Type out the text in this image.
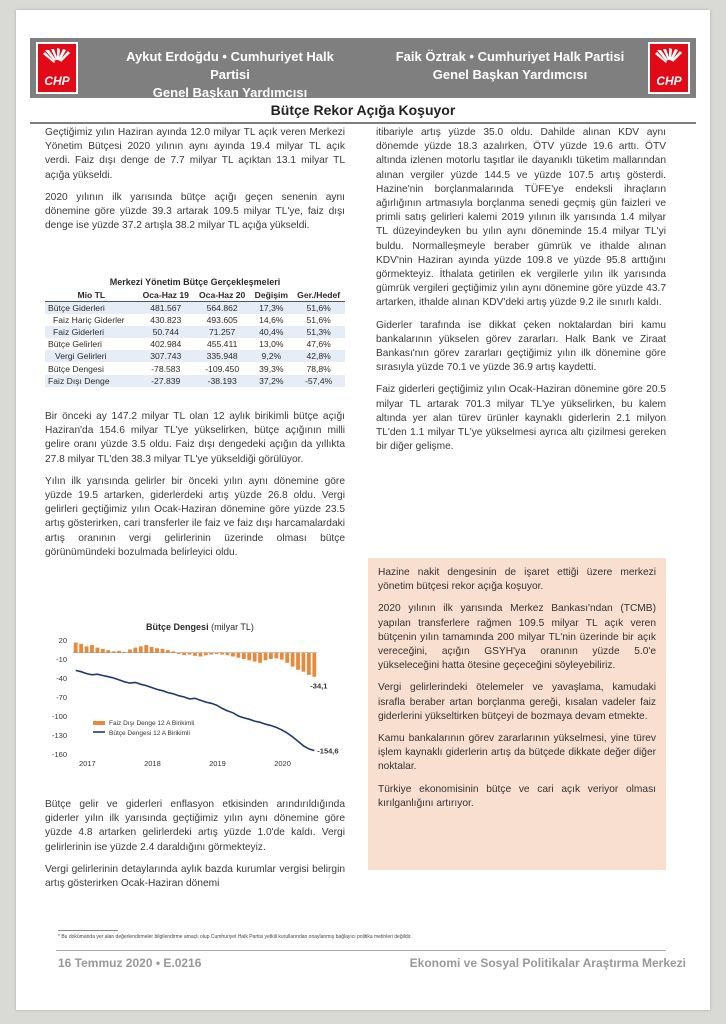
CHP
Aykut Erdoğdu • Cumhuriyet Halk Partisi
Genel Başkan Yardımcısı
Faik Öztrak • Cumhuriyet Halk Partisi
Genel Başkan Yardımcısı	CHP
Bütçe Rekor Açığa Koşuyor

Geçtiğimiz yılın Haziran ayında 12.0 milyar TL açık veren Merkezi Yönetim Bütçesi 2020 yılının aynı ayında 19.4 milyar TL açık verdi. Faiz dışı denge de 7.7 milyar TL açıktan 13.1 milyar TL açığa yükseldi.

2020 yılının ilk yarısında bütçe açığı geçen senenin aynı dönemine göre yüzde 39.3 artarak 109.5 milyar TL'ye, faiz dışı denge ise yüzde 37.2 artışla 38.2 milyar TL açığa yükseldi.

Merkezi Yönetim Bütçe Gerçekleşmeleri
Mio TL	Oca-Haz 19	Oca-Haz 20	Değişim	Ger./Hedef
Bütçe Giderleri	481.567	564.862	17,3%	51,6%
Faiz Hariç Giderler	430.823	493.605	14,6%	51,6%
Faiz Giderleri	50.744	71.257	40,4%	51,3%
Bütçe Gelirleri	402.984	455.411	13,0%	47,6%
Vergi Gelirleri	307.743	335.948	9,2%	42,8%
Bütçe Dengesi	-78.583	-109.450	39,3%	78,8%
Faiz Dışı Denge	-27.839	-38.193	37,2%	-57,4%

Bir önceki ay 147.2 milyar TL olan 12 aylık birikimli bütçe açığı Haziran'da 154.6 milyar TL'ye yükselirken, bütçe açığının milli gelire oranı yüzde 3.5 oldu. Faiz dışı dengedeki açığın da yıllıkta 27.8 milyar TL'den 38.3 milyar TL'ye yükseldiği görülüyor.

Yılın ilk yarısında gelirler bir önceki yılın aynı dönemine göre yüzde 19.5 artarken, giderlerdeki artış yüzde 26.8 oldu. Vergi gelirleri geçtiğimiz yılın Ocak-Haziran dönemine göre yüzde 23.5 artış gösterirken, cari transferler ile faiz ve faiz dışı harcamalardaki artış oranının vergi gelirlerinin üzerinde olması bütçe görünümündeki bozulmada belirleyici oldu.

Bütçe Dengesi (milyar TL)
20
-10
-40
-70
-100
-130
-160
-34,1
-154,6
2017	2018	2019	2020
Faiz Dışı Denge 12 A Birikimli
Bütçe Dengesi 12 A Birikimli

Bütçe gelir ve giderleri enflasyon etkisinden arındırıldığında giderler yılın ilk yarısında geçtiğimiz yılın aynı dönemine göre yüzde 4.8 artarken gelirlerdeki artış yüzde 1.0'de kaldı. Vergi gelirlerinin ise yüzde 2.4 daraldığını görmekteyiz.

Vergi gelirlerinin detaylarında aylık bazda kurumlar vergisi belirgin artış gösterirken Ocak-Haziran dönemi

itibariyle artış yüzde 35.0 oldu. Dahilde alınan KDV aynı dönemde yüzde 18.3 azalırken, ÖTV yüzde 19.6 arttı. ÖTV altında izlenen motorlu taşıtlar ile dayanıklı tüketim mallarından alınan vergiler yüzde 144.5 ve yüzde 107.5 artış gösterdi. Hazine'nin borçlanmalarında TÜFE'ye endeksli ihraçların ağırlığının artmasıyla borçlanma senedi geçmiş gün faizleri ve primli satış gelirleri kalemi 2019 yılının ilk yarısında 1.4 milyar TL düzeyindeyken bu yılın aynı döneminde 15.4 milyar TL'yi buldu. Normalleşmeyle beraber gümrük ve ithalde alınan KDV'nin Haziran ayında yüzde 109.8 ve yüzde 95.8 arttığını görmekteyiz. İthalata getirilen ek vergilerle yılın ilk yarısında gümrük vergileri geçtiğimiz yılın aynı dönemine göre yüzde 43.7 artarken, ithalde alınan KDV'deki artış yüzde 9.2 ile sınırlı kaldı.

Giderler tarafında ise dikkat çeken noktalardan biri kamu bankalarının yükselen görev zararları. Halk Bank ve Ziraat Bankası'nın görev zararları geçtiğimiz yılın ilk dönemine göre sırasıyla yüzde 70.1 ve yüzde 36.9 artış kaydetti.

Faiz giderleri geçtiğimiz yılın Ocak-Haziran dönemine göre 20.5 milyar TL artarak 701.3 milyar TL'ye yükselirken, bu kalem altında yer alan türev ürünler kaynaklı giderlerin 2.1 milyon TL'den 1.1 milyar TL'ye yükselmesi ayrıca altı çizilmesi gereken bir diğer gelişme.

Hazine nakit dengesinin de işaret ettiği üzere merkezi yönetim bütçesi rekor açığa koşuyor.

2020 yılının ilk yarısında Merkez Bankası'ndan (TCMB) yapılan transferlere rağmen 109.5 milyar TL açık veren bütçenin yılın tamamında 200 milyar TL'nin üzerinde bir açık vereceğini, açığın GSYH'ya oranının yüzde 5.0'e yükseleceğini hatta ötesine geçeceğini söyleyebiliriz.

Vergi gelirlerindeki ötelemeler ve yavaşlama, kamudaki israfla beraber artan borçlanma gereği, kısalan vadeler faiz giderlerini yükseltirken bütçeyi de bozmaya devam etmekte.

Kamu bankalarının görev zararlarının yükselmesi, yine türev işlem kaynaklı giderlerin artış da bütçede dikkate değer diğer noktalar.

Türkiye ekonomisinin bütçe ve cari açık veriyor olması kırılganlığını artırıyor.

* Bu dokümanda yer alan değerlendirmeler bilgilendirme amaçlı olup Cumhuriyet Halk Partisi yetkili kurullarından onaylanmış bağlayıcı politika metinleri değildir.
16 Temmuz 2020 • E.0216	Ekonomi ve Sosyal Politikalar Araştırma Merkezi
